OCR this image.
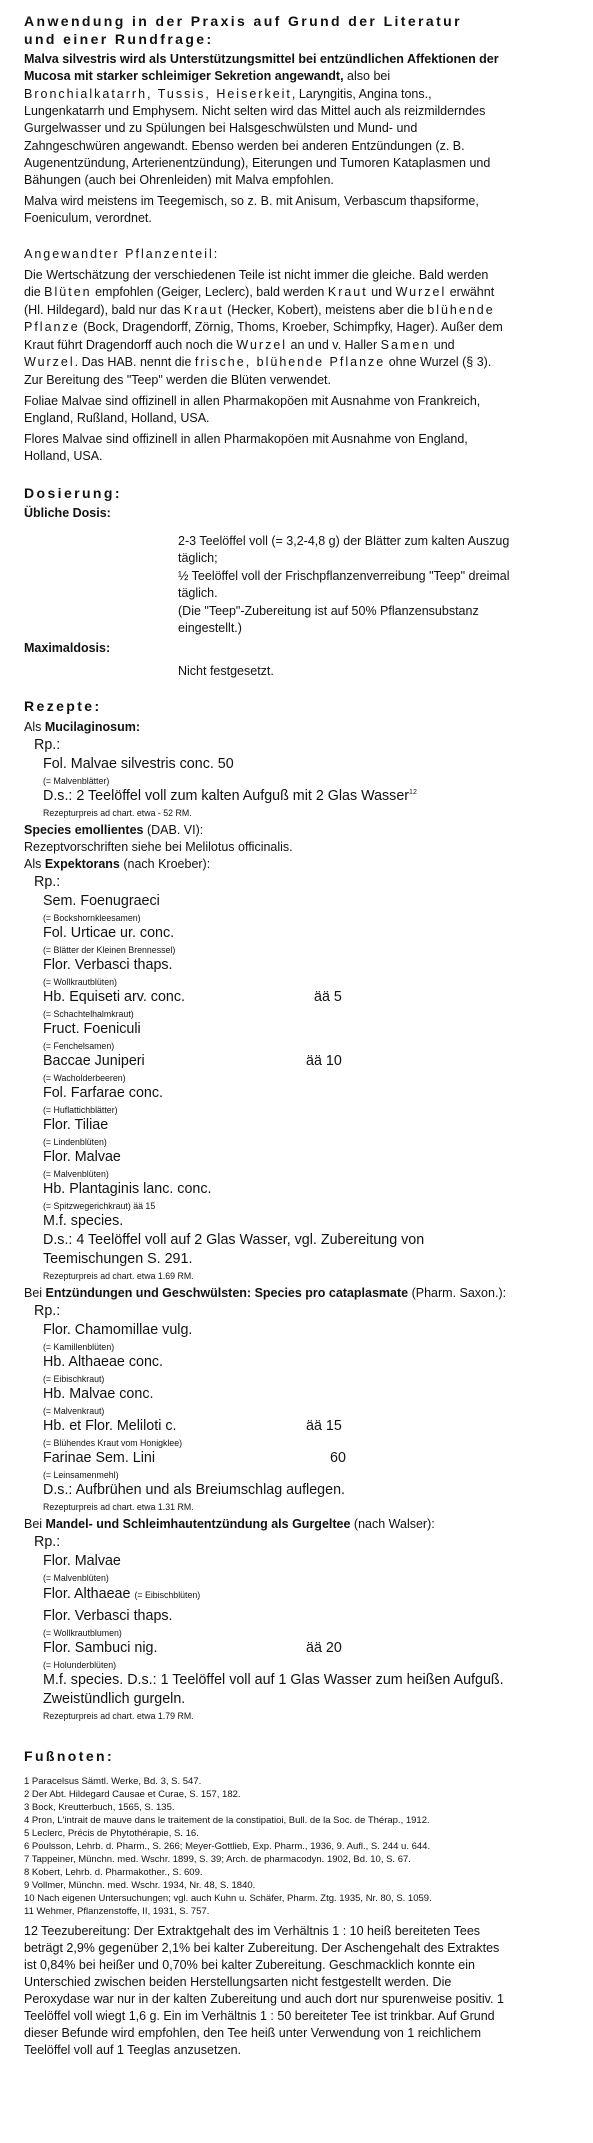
Anwendung in der Praxis auf Grund der Literatur
und einer Rundfrage:
Malva silvestris wird als Unterstützungsmittel bei entzündlichen Affektionen der
Mucosa mit starker schleimiger Sekretion angewandt, also bei
Bronchialkatarrh, Tussis, Heiserkeit, Laryngitis, Angina tons.,
Lungenkatarrh und Emphysem. Nicht selten wird das Mittel auch als reizmilderndes
Gurgelwasser und zu Spülungen bei Halsgeschwülsten und Mund- und
Zahngeschwüren angewandt. Ebenso werden bei anderen Entzündungen (z. B.
Augenentzündung, Arterienentzündung), Eiterungen und Tumoren Kataplasmen und
Bähungen (auch bei Ohrenleiden) mit Malva empfohlen.
Malva wird meistens im Teegemisch, so z. B. mit Anisum, Verbascum thapsiforme,
Foeniculum, verordnet.
Angewandter Pflanzenteil:
Die Wertschätzung der verschiedenen Teile ist nicht immer die gleiche. Bald werden
die Blüten empfohlen (Geiger, Leclerc), bald werden Kraut und Wurzel erwähnt
(Hl. Hildegard), bald nur das Kraut (Hecker, Kobert), meistens aber die blühende
Pflanze (Bock, Dragendorff, Zörnig, Thoms, Kroeber, Schimpfky, Hager). Außer dem
Kraut führt Dragendorff auch noch die Wurzel an und v. Haller Samen und
Wurzel. Das HAB. nennt die frische, blühende Pflanze ohne Wurzel (§ 3).
Zur Bereitung des "Teep" werden die Blüten verwendet.
Foliae Malvae sind offizinell in allen Pharmakopöen mit Ausnahme von Frankreich,
England, Rußland, Holland, USA.
Flores Malvae sind offizinell in allen Pharmakopöen mit Ausnahme von England,
Holland, USA.
Dosierung:
Übliche Dosis:
2-3 Teelöffel voll (= 3,2-4,8 g) der Blätter zum kalten Auszug
täglich;
½ Teelöffel voll der Frischpflanzenverreibung "Teep" dreimal
täglich.
(Die "Teep"-Zubereitung ist auf 50% Pflanzensubstanz
eingestellt.)
Maximaldosis:
Nicht festgesetzt.
Rezepte:
Als Mucilaginosum:
Rp.:
Fol. Malvae silvestris conc. 50
(= Malvenblätter)
D.s.: 2 Teelöffel voll zum kalten Aufguß mit 2 Glas Wasser$^{12}$
Rezepturpreis ad chart. etwa - 52 RM.
Species emollientes (DAB. VI):
Rezeptvorschriften siehe bei Melilotus officinalis.
Als Expektorans (nach Kroeber):
Rp.:
Sem. Foenugraeci
(= Bockshornkleesamen)
Fol. Urticae ur. conc.
(= Blätter der Kleinen Brennessel)
Flor. Verbasci thaps.
(= Wollkrautblüten)
Hb. Equiseti arv. conc.	ää 5
(= Schachtelhalmkraut)
Fruct. Foeniculi
(= Fenchelsamen)
Baccae Juniperi	ää 10
(= Wacholderbeeren)
Fol. Farfarae conc.
(= Huflattichblätter)
Flor. Tiliae
(= Lindenblüten)
Flor. Malvae
(= Malvenblüten)
Hb. Plantaginis lanc. conc.
(= Spitzwegerichkraut) ää 15
M.f. species.
D.s.: 4 Teelöffel voll auf 2 Glas Wasser, vgl. Zubereitung von
Teemischungen S. 291.
Rezepturpreis ad chart. etwa 1.69 RM.
Bei Entzündungen und Geschwülsten: Species pro cataplasmate (Pharm. Saxon.):
Rp.:
Flor. Chamomillae vulg.
(= Kamillenblüten)
Hb. Althaeae conc.
(= Eibischkraut)
Hb. Malvae conc.
(= Malvenkraut)
Hb. et Flor. Meliloti c.	ää 15
(= Blühendes Kraut vom Honigklee)
Farinae Sem. Lini	60
(= Leinsamenmehl)
D.s.: Aufbrühen und als Breiumschlag auflegen.
Rezepturpreis ad chart. etwa 1.31 RM.
Bei Mandel- und Schleimhautentzündung als Gurgeltee (nach Walser):
Rp.:
Flor. Malvae
(= Malvenblüten)
Flor. Althaeae (= Eibischblüten)
Flor. Verbasci thaps.
(= Wollkrautblumen)
Flor. Sambuci nig.	ää 20
(= Holunderblüten)
M.f. species. D.s.: 1 Teelöffel voll auf 1 Glas Wasser zum heißen Aufguß.
Zweistündlich gurgeln.
Rezepturpreis ad chart. etwa 1.79 RM.
Fußnoten:
1 Paracelsus Sämtl. Werke, Bd. 3, S. 547.
2 Der Abt. Hildegard Causae et Curae, S. 157, 182.
3 Bock, Kreutterbuch, 1565, S. 135.
4 Pron, L'intrait de mauve dans le traitement de la constipatioi, Bull. de la Soc. de Thérap., 1912.
5 Leclerc, Précis de Phytothérapie, S. 16.
6 Poulsson, Lehrb. d. Pharm., S. 266; Meyer-Gottlieb, Exp. Pharm., 1936, 9. Aufl., S. 244 u. 644.
7 Tappeiner, Münchn. med. Wschr. 1899, S. 39; Arch. de pharmacodyn. 1902, Bd. 10, S. 67.
8 Kobert, Lehrb. d. Pharmakother., S. 609.
9 Vollmer, Münchn. med. Wschr. 1934, Nr. 48, S. 1840.
10 Nach eigenen Untersuchungen; vgl. auch Kuhn u. Schäfer, Pharm. Ztg. 1935, Nr. 80, S. 1059.
11 Wehmer, Pflanzenstoffe, II, 1931, S. 757.
12 Teezubereitung: Der Extraktgehalt des im Verhältnis 1 : 10 heiß bereiteten Tees
beträgt 2,9% gegenüber 2,1% bei kalter Zubereitung. Der Aschengehalt des Extraktes
ist 0,84% bei heißer und 0,70% bei kalter Zubereitung. Geschmacklich konnte ein
Unterschied zwischen beiden Herstellungsarten nicht festgestellt werden. Die
Peroxydase war nur in der kalten Zubereitung und auch dort nur spurenweise positiv. 1
Teelöffel voll wiegt 1,6 g. Ein im Verhältnis 1 : 50 bereiteter Tee ist trinkbar. Auf Grund
dieser Befunde wird empfohlen, den Tee heiß unter Verwendung von 1 reichlichem
Teelöffel voll auf 1 Teeglas anzusetzen.
